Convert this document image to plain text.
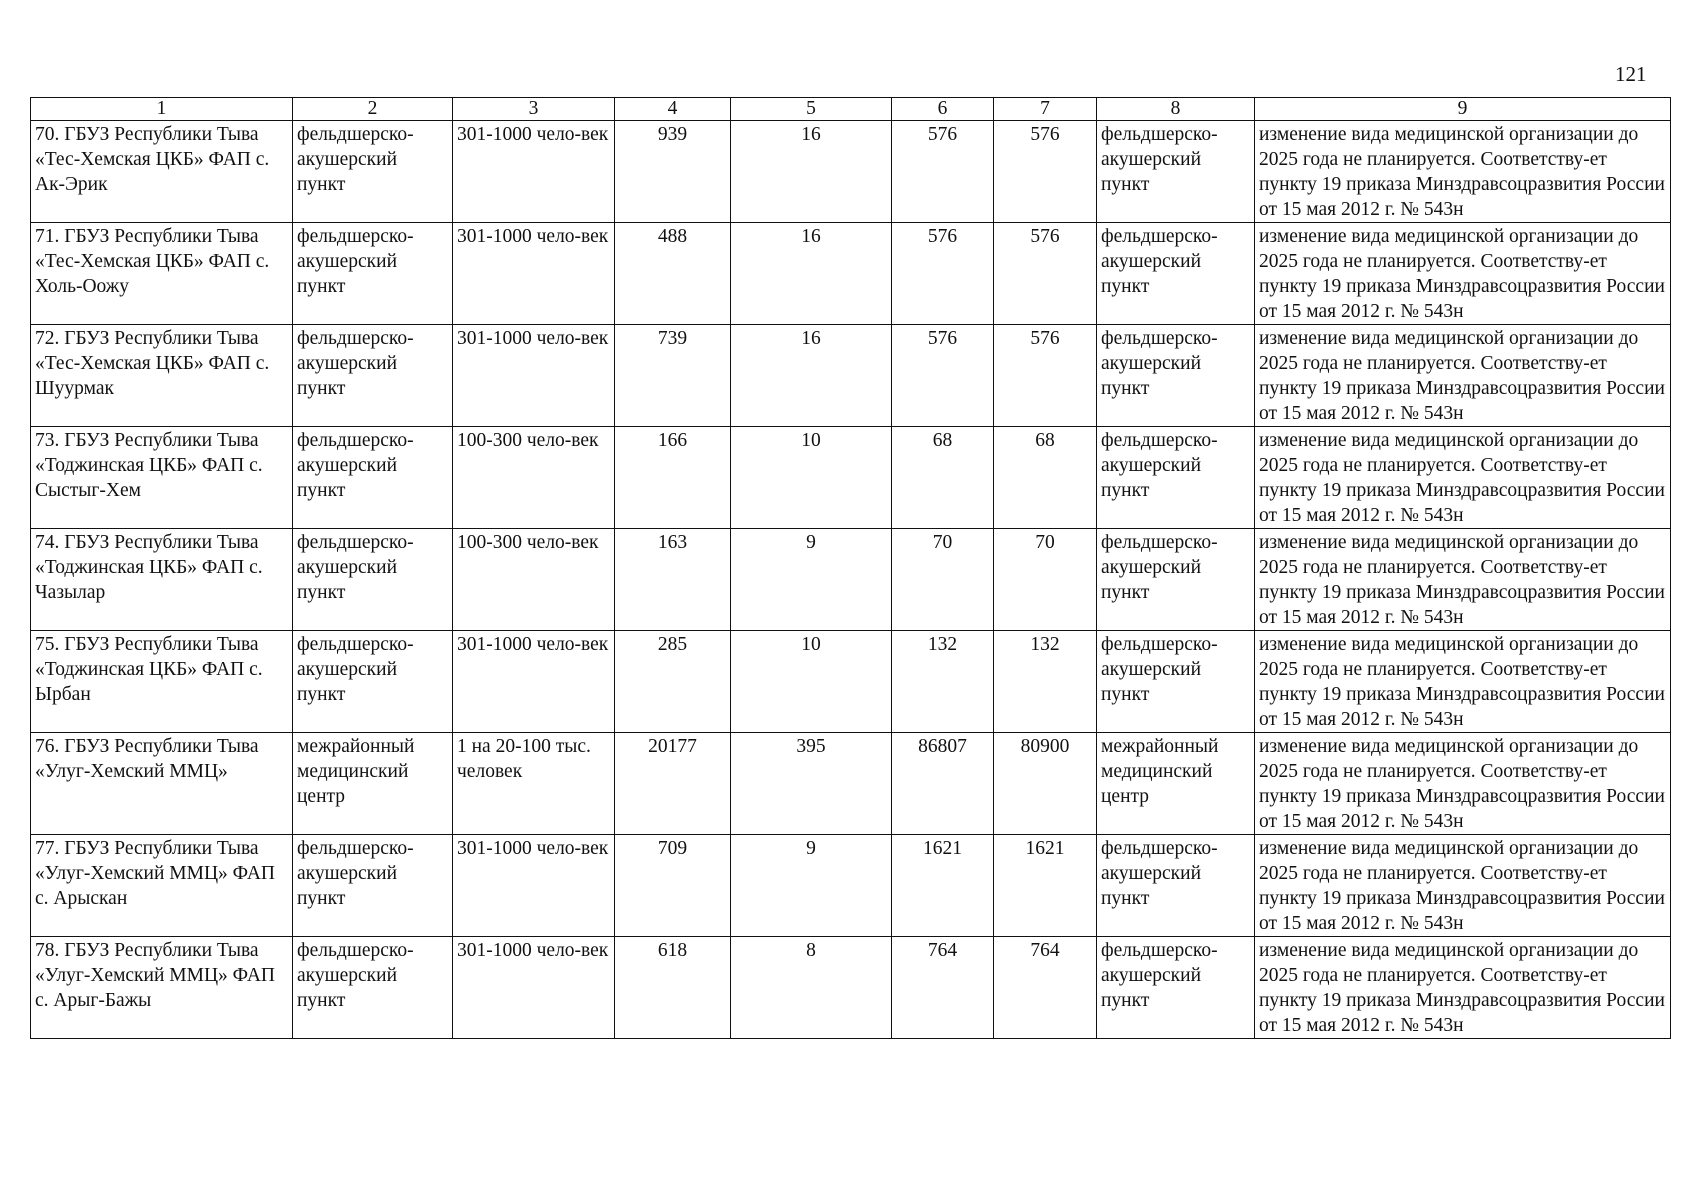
121
1	2	3	4	5	6	7	8	9
70. ГБУЗ Республики Тыва «Тес-Хемская ЦКБ» ФАП с. Ак-Эрик	фельдшерско-акушерский пункт	301-1000 чело-век	939	16	576	576	фельдшерско-акушерский пункт	изменение вида медицинской организации до 2025 года не планируется. Соответству-ет пункту 19 приказа Минздравсоцразвития России от 15 мая 2012 г. № 543н
71. ГБУЗ Республики Тыва «Тес-Хемская ЦКБ» ФАП с. Холь-Оожу	фельдшерско-акушерский пункт	301-1000 чело-век	488	16	576	576	фельдшерско-акушерский пункт	изменение вида медицинской организации до 2025 года не планируется. Соответству-ет пункту 19 приказа Минздравсоцразвития России от 15 мая 2012 г. № 543н
72. ГБУЗ Республики Тыва «Тес-Хемская ЦКБ» ФАП с. Шуурмак	фельдшерско-акушерский пункт	301-1000 чело-век	739	16	576	576	фельдшерско-акушерский пункт	изменение вида медицинской организации до 2025 года не планируется. Соответству-ет пункту 19 приказа Минздравсоцразвития России от 15 мая 2012 г. № 543н
73. ГБУЗ Республики Тыва «Тоджинская ЦКБ» ФАП с. Сыстыг-Хем	фельдшерско-акушерский пункт	100-300 чело-век	166	10	68	68	фельдшерско-акушерский пункт	изменение вида медицинской организации до 2025 года не планируется. Соответству-ет пункту 19 приказа Минздравсоцразвития России от 15 мая 2012 г. № 543н
74. ГБУЗ Республики Тыва «Тоджинская ЦКБ» ФАП с. Чазылар	фельдшерско-акушерский пункт	100-300 чело-век	163	9	70	70	фельдшерско-акушерский пункт	изменение вида медицинской организации до 2025 года не планируется. Соответству-ет пункту 19 приказа Минздравсоцразвития России от 15 мая 2012 г. № 543н
75. ГБУЗ Республики Тыва «Тоджинская ЦКБ» ФАП с. Ырбан	фельдшерско-акушерский пункт	301-1000 чело-век	285	10	132	132	фельдшерско-акушерский пункт	изменение вида медицинской организации до 2025 года не планируется. Соответству-ет пункту 19 приказа Минздравсоцразвития России от 15 мая 2012 г. № 543н
76. ГБУЗ Республики Тыва «Улуг-Хемский ММЦ»	межрайонный медицинский центр	1 на 20-100 тыс. человек	20177	395	86807	80900	межрайонный медицинский центр	изменение вида медицинской организации до 2025 года не планируется. Соответству-ет пункту 19 приказа Минздравсоцразвития России от 15 мая 2012 г. № 543н
77. ГБУЗ Республики Тыва «Улуг-Хемский ММЦ» ФАП с. Арыскан	фельдшерско-акушерский пункт	301-1000 чело-век	709	9	1621	1621	фельдшерско-акушерский пункт	изменение вида медицинской организации до 2025 года не планируется. Соответству-ет пункту 19 приказа Минздравсоцразвития России от 15 мая 2012 г. № 543н
78. ГБУЗ Республики Тыва «Улуг-Хемский ММЦ» ФАП с. Арыг-Бажы	фельдшерско-акушерский пункт	301-1000 чело-век	618	8	764	764	фельдшерско-акушерский пункт	изменение вида медицинской организации до 2025 года не планируется. Соответству-ет пункту 19 приказа Минздравсоцразвития России от 15 мая 2012 г. № 543н
